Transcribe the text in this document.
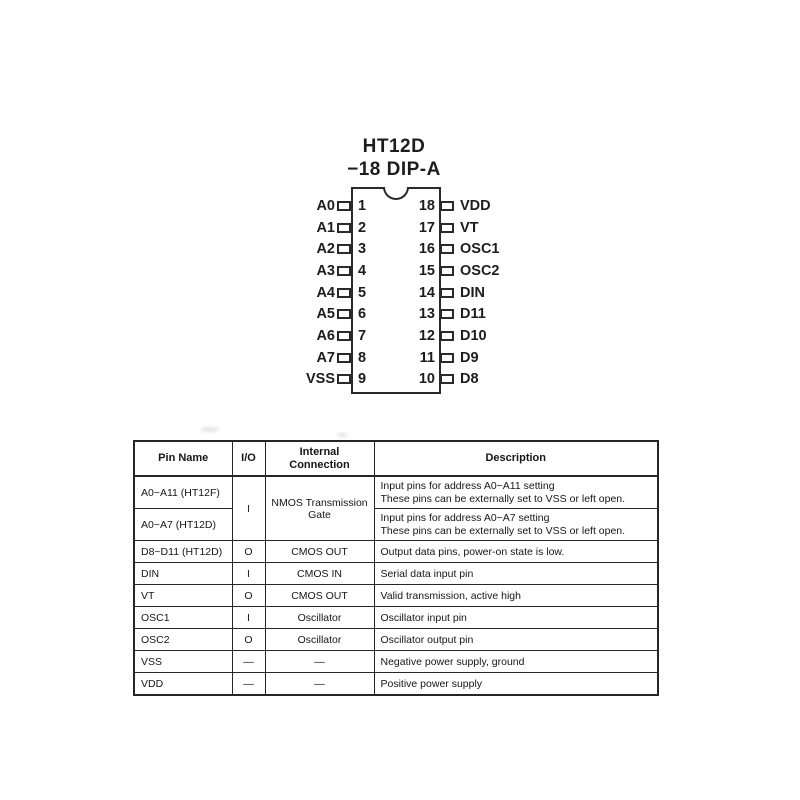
HT12D
−18 DIP-A
A0 1
A1 2
A2 3
A3 4
A4 5
A5 6
A6 7
A7 8
VSS 9
18 VDD
17 VT
16 OSC1
15 OSC2
14 DIN
13 D11
12 D10
11 D9
10 D8
Pin Name	I/O	Internal Connection	Description
A0~A11 (HT12F)	I	NMOS Transmission Gate	Input pins for address A0~A11 setting
These pins can be externally set to VSS or left open.

A0~A7 (HT12D)			Input pins for address A0~A7 setting
These pins can be externally set to VSS or left open.

D8~D11 (HT12D)	O	CMOS OUT	Output data pins, power-on state is low.
DIN	I	CMOS IN	Serial data input pin
VT	O	CMOS OUT	Valid transmission, active high
OSC1	I	Oscillator	Oscillator input pin
OSC2	O	Oscillator	Oscillator output pin
VSS	—	—	Negative power supply, ground
VDD	—	—	Positive power supply
